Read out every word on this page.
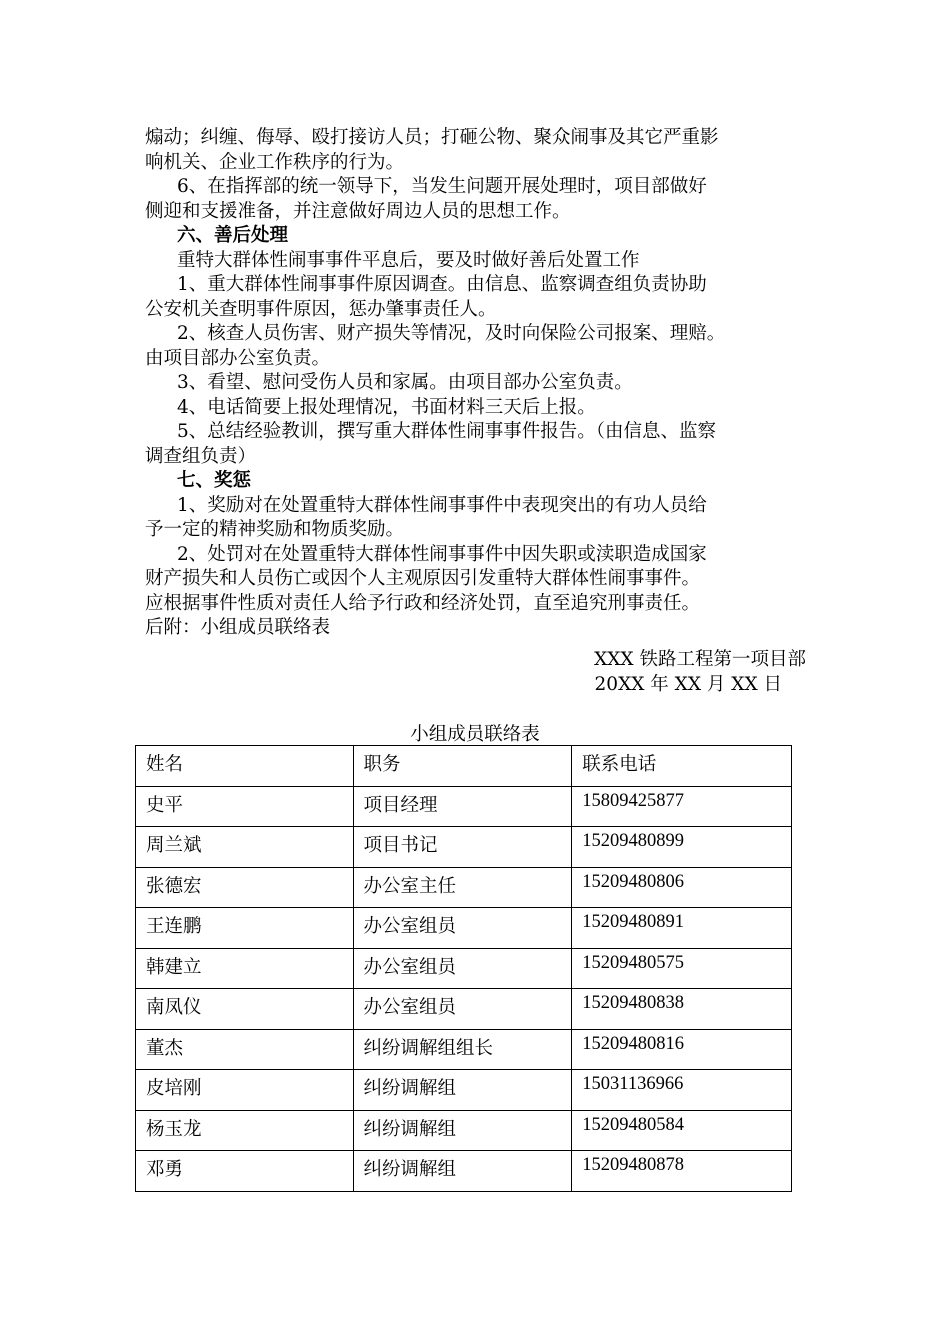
煽动；纠缠、侮辱、殴打接访人员；打砸公物、聚众闹事及其它严重影
响机关、企业工作秩序的行为。
6、在指挥部的统一领导下，当发生问题开展处理时，项目部做好
侧迎和支援准备，并注意做好周边人员的思想工作。
六、善后处理
重特大群体性闹事事件平息后，要及时做好善后处置工作
1、重大群体性闹事事件原因调查。由信息、监察调查组负责协助
公安机关查明事件原因，惩办肇事责任人。
2、核查人员伤害、财产损失等情况，及时向保险公司报案、理赔。
由项目部办公室负责。
3、看望、慰问受伤人员和家属。由项目部办公室负责。
4、电话简要上报处理情况，书面材料三天后上报。
5、总结经验教训，撰写重大群体性闹事事件报告。（由信息、监察
调查组负责）
七、奖惩
1、奖励对在处置重特大群体性闹事事件中表现突出的有功人员给
予一定的精神奖励和物质奖励。
2、处罚对在处置重特大群体性闹事事件中因失职或渎职造成国家
财产损失和人员伤亡或因个人主观原因引发重特大群体性闹事事件。
应根据事件性质对责任人给予行政和经济处罚，直至追究刑事责任。
后附：小组成员联络表
XXX 铁路工程第一项目部
20XX 年 XX 月 XX 日
小组成员联络表
姓名	职务	联系电话
史平	项目经理	15809425877
周兰斌	项目书记	15209480899
张德宏	办公室主任	15209480806
王连鹏	办公室组员	15209480891
韩建立	办公室组员	15209480575
南凤仪	办公室组员	15209480838
董杰	纠纷调解组组长	15209480816
皮培刚	纠纷调解组	15031136966
杨玉龙	纠纷调解组	15209480584
邓勇	纠纷调解组	15209480878
